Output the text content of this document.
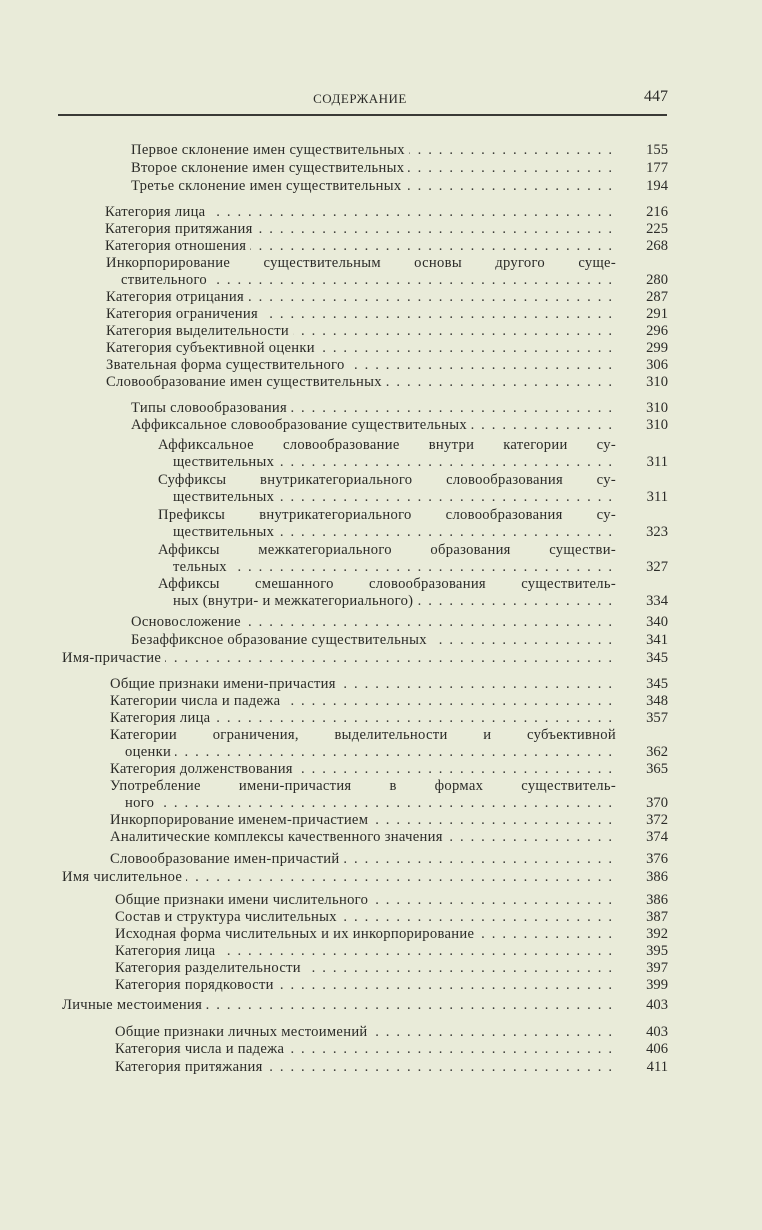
СОДЕРЖАНИЕ	447
Первое склонение имен существительных . . .	155
Второе склонение имен существительных . . .	177
Третье склонение имен существительных . . .	194
Категория лица . . .	216
Категория притяжания . . .	225
Категория отношения . . .	268
Инкорпорирование существительным основы другого суще-
ствительного . . .	280
Категория отрицания . . .	287
Категория ограничения . . .	291
Категория выделительности . . .	296
Категория субъективной оценки . . .	299
Звательная форма существительного . . .	306
Словообразование имен существительных . . .	310
Типы словообразования . . .	310
Аффиксальное словообразование существительных . . .	310
Аффиксальное словообразование внутри категории су-
ществительных . . .	311
Суффиксы внутрикатегориального словообразования су-
ществительных . . .	311
Префиксы внутрикатегориального словообразования су-
ществительных . . .	323
Аффиксы межкатегориального образования существи-
тельных . . .	327
Аффиксы смешанного словообразования существитель-
ных (внутри- и межкатегориального) . . .	334
Основосложение . . .	340
Безаффиксное образование существительных . . .	341
Имя-причастие . . .	345
Общие признаки имени-причастия . . .	345
Категории числа и падежа . . .	348
Категория лица . . .	357
Категории ограничения, выделительности и субъективной
оценки . . .	362
Категория долженствования . . .	365
Употребление имени-причастия в формах существитель-
ного . . .	370
Инкорпорирование именем-причастием . . .	372
Аналитические комплексы качественного значения . . .	374
Словообразование имен-причастий . . .	376
Имя числительное . . .	386
Общие признаки имени числительного . . .	386
Состав и структура числительных . . .	387
Исходная форма числительных и их инкорпорирование . . .	392
Категория лица . . .	395
Категория разделительности . . .	397
Категория порядковости . . .	399
Личные местоимения . . .	403
Общие признаки личных местоимений . . .	403
Категория числа и падежа . . .	406
Категория притяжания . . .	411
